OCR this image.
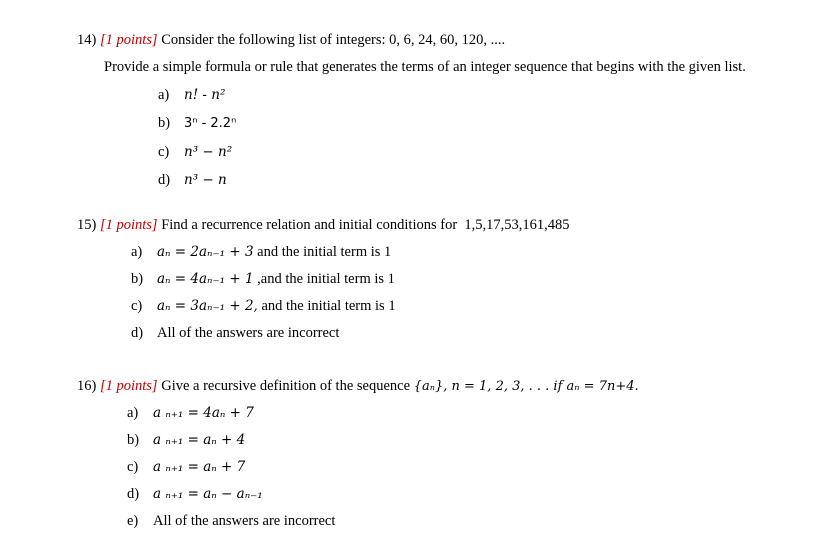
14) [1 points] Consider the following list of integers: 0, 6, 24, 60, 120, ....
Provide a simple formula or rule that generates the terms of an integer sequence that begins with the given list.
a) n! - n²
b) 3ⁿ - 2.2ⁿ
c) n³ − n²
d) n³ − n
15) [1 points] Find a recurrence relation and initial conditions for 1,5,17,53,161,485
a) aₙ = 2aₙ₋₁ + 3 and the initial term is 1
b) aₙ = 4aₙ₋₁ + 1 ,and the initial term is 1
c) aₙ = 3aₙ₋₁ + 2, and the initial term is 1
d) All of the answers are incorrect
16) [1 points] Give a recursive definition of the sequence {aₙ}, n = 1, 2, 3, . . . if aₙ = 7n+4.
a) a ₙ₊₁ = 4aₙ + 7
b) a ₙ₊₁ = aₙ + 4
c) a ₙ₊₁ = aₙ + 7
d) a ₙ₊₁ = aₙ − aₙ₋₁
e) All of the answers are incorrect
